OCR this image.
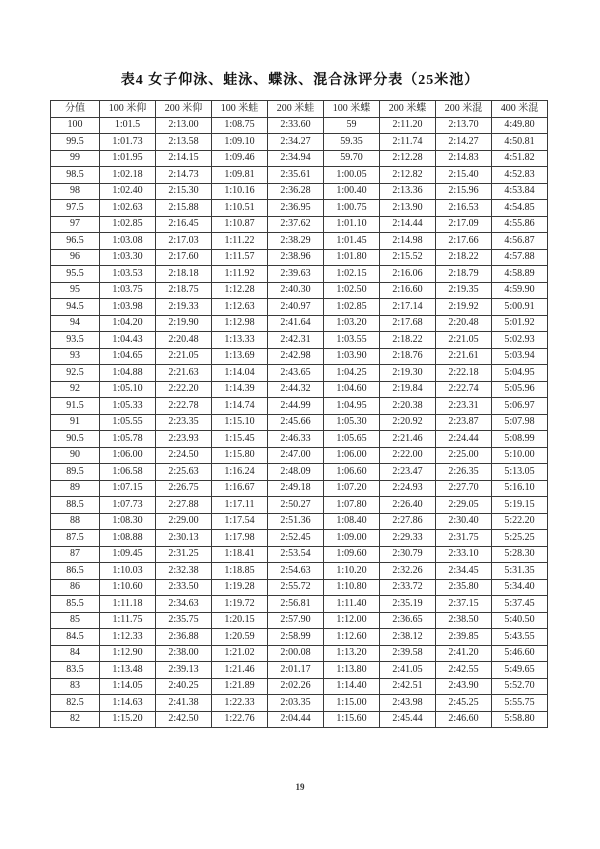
表4 女子仰泳、蛙泳、蝶泳、混合泳评分表（25米池）
分值	100 米仰	200 米仰	100 米蛙	200 米蛙	100 米蝶	200 米蝶	200 米混	400 米混
100	1:01.5	2:13.00	1:08.75	2:33.60	59	2:11.20	2:13.70	4:49.80
99.5	1:01.73	2:13.58	1:09.10	2:34.27	59.35	2:11.74	2:14.27	4:50.81
99	1:01.95	2:14.15	1:09.46	2:34.94	59.70	2:12.28	2:14.83	4:51.82
98.5	1:02.18	2:14.73	1:09.81	2:35.61	1:00.05	2:12.82	2:15.40	4:52.83
98	1:02.40	2:15.30	1:10.16	2:36.28	1:00.40	2:13.36	2:15.96	4:53.84
97.5	1:02.63	2:15.88	1:10.51	2:36.95	1:00.75	2:13.90	2:16.53	4:54.85
97	1:02.85	2:16.45	1:10.87	2:37.62	1:01.10	2:14.44	2:17.09	4:55.86
96.5	1:03.08	2:17.03	1:11.22	2:38.29	1:01.45	2:14.98	2:17.66	4:56.87
96	1:03.30	2:17.60	1:11.57	2:38.96	1:01.80	2:15.52	2:18.22	4:57.88
95.5	1:03.53	2:18.18	1:11.92	2:39.63	1:02.15	2:16.06	2:18.79	4:58.89
95	1:03.75	2:18.75	1:12.28	2:40.30	1:02.50	2:16.60	2:19.35	4:59.90
94.5	1:03.98	2:19.33	1:12.63	2:40.97	1:02.85	2:17.14	2:19.92	5:00.91
94	1:04.20	2:19.90	1:12.98	2:41.64	1:03.20	2:17.68	2:20.48	5:01.92
93.5	1:04.43	2:20.48	1:13.33	2:42.31	1:03.55	2:18.22	2:21.05	5:02.93
93	1:04.65	2:21.05	1:13.69	2:42.98	1:03.90	2:18.76	2:21.61	5:03.94
92.5	1:04.88	2:21.63	1:14.04	2:43.65	1:04.25	2:19.30	2:22.18	5:04.95
92	1:05.10	2:22.20	1:14.39	2:44.32	1:04.60	2:19.84	2:22.74	5:05.96
91.5	1:05.33	2:22.78	1:14.74	2:44.99	1:04.95	2:20.38	2:23.31	5:06.97
91	1:05.55	2:23.35	1:15.10	2:45.66	1:05.30	2:20.92	2:23.87	5:07.98
90.5	1:05.78	2:23.93	1:15.45	2:46.33	1:05.65	2:21.46	2:24.44	5:08.99
90	1:06.00	2:24.50	1:15.80	2:47.00	1:06.00	2:22.00	2:25.00	5:10.00
89.5	1:06.58	2:25.63	1:16.24	2:48.09	1:06.60	2:23.47	2:26.35	5:13.05
89	1:07.15	2:26.75	1:16.67	2:49.18	1:07.20	2:24.93	2:27.70	5:16.10
88.5	1:07.73	2:27.88	1:17.11	2:50.27	1:07.80	2:26.40	2:29.05	5:19.15
88	1:08.30	2:29.00	1:17.54	2:51.36	1:08.40	2:27.86	2:30.40	5:22.20
87.5	1:08.88	2:30.13	1:17.98	2:52.45	1:09.00	2:29.33	2:31.75	5:25.25
87	1:09.45	2:31.25	1:18.41	2:53.54	1:09.60	2:30.79	2:33.10	5:28.30
86.5	1:10.03	2:32.38	1:18.85	2:54.63	1:10.20	2:32.26	2:34.45	5:31.35
86	1:10.60	2:33.50	1:19.28	2:55.72	1:10.80	2:33.72	2:35.80	5:34.40
85.5	1:11.18	2:34.63	1:19.72	2:56.81	1:11.40	2:35.19	2:37.15	5:37.45
85	1:11.75	2:35.75	1:20.15	2:57.90	1:12.00	2:36.65	2:38.50	5:40.50
84.5	1:12.33	2:36.88	1:20.59	2:58.99	1:12.60	2:38.12	2:39.85	5:43.55
84	1:12.90	2:38.00	1:21.02	2:00.08	1:13.20	2:39.58	2:41.20	5:46.60
83.5	1:13.48	2:39.13	1:21.46	2:01.17	1:13.80	2:41.05	2:42.55	5:49.65
83	1:14.05	2:40.25	1:21.89	2:02.26	1:14.40	2:42.51	2:43.90	5:52.70
82.5	1:14.63	2:41.38	1:22.33	2:03.35	1:15.00	2:43.98	2:45.25	5:55.75
82	1:15.20	2:42.50	1:22.76	2:04.44	1:15.60	2:45.44	2:46.60	5:58.80
19
